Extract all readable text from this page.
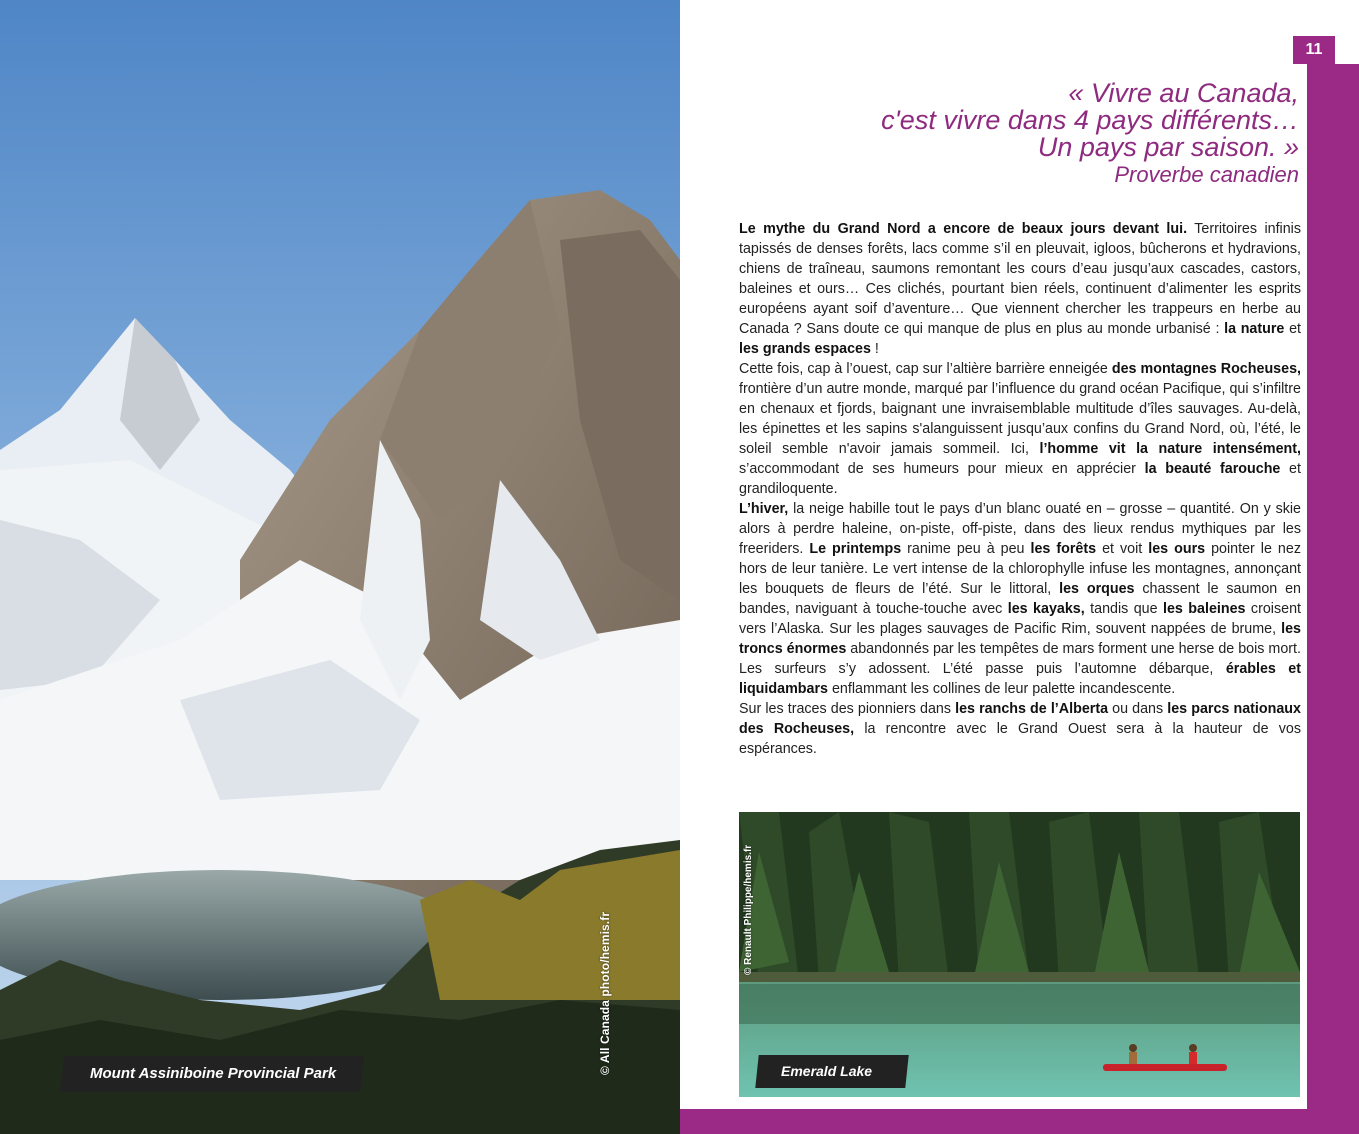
© All Canada photo/hemis.fr
Mount Assiniboine Provincial Park
11
« Vivre au Canada,
c'est vivre dans 4 pays différents…
Un pays par saison. »
Proverbe canadien

Le mythe du Grand Nord a encore de beaux jours devant lui. Territoires infinis tapissés de denses forêts, lacs comme s’il en pleuvait, igloos, bûcherons et hydravions, chiens de traîneau, saumons remontant les cours d’eau jusqu’aux cascades, castors, baleines et ours… Ces clichés, pourtant bien réels, continuent d’alimenter les esprits européens ayant soif d’aventure… Que viennent chercher les trappeurs en herbe au Canada ? Sans doute ce qui manque de plus en plus au monde urbanisé : la nature et les grands espaces !

Cette fois, cap à l’ouest, cap sur l’altière barrière enneigée des montagnes Rocheuses, frontière d’un autre monde, marqué par l’influence du grand océan Pacifique, qui s’infiltre en chenaux et fjords, baignant une invraisemblable multitude d’îles sauvages. Au-delà, les épinettes et les sapins s'alanguissent jusqu’aux confins du Grand Nord, où, l’été, le soleil semble n'avoir jamais sommeil. Ici, l’homme vit la nature intensément, s’accommodant de ses humeurs pour mieux en apprécier la beauté farouche et grandiloquente.

L’hiver, la neige habille tout le pays d’un blanc ouaté en – grosse – quantité. On y skie alors à perdre haleine, on-piste, off-piste, dans des lieux rendus mythiques par les freeriders. Le printemps ranime peu à peu les forêts et voit les ours pointer le nez hors de leur tanière. Le vert intense de la chlorophylle infuse les montagnes, annonçant les bouquets de fleurs de l’été. Sur le littoral, les orques chassent le saumon en bandes, naviguant à touche-touche avec les kayaks, tandis que les baleines croisent vers l’Alaska. Sur les plages sauvages de Pacific Rim, souvent nappées de brume, les troncs énormes abandonnés par les tempêtes de mars forment une herse de bois mort. Les surfeurs s’y adossent. L’été passe puis l’automne débarque, érables et liquidambars enflammant les collines de leur palette incandescente.

Sur les traces des pionniers dans les ranchs de l’Alberta ou dans les parcs nationaux des Rocheuses, la rencontre avec le Grand Ouest sera à la hauteur de vos espérances.

© Renault Philippe/hemis.fr
Emerald Lake
